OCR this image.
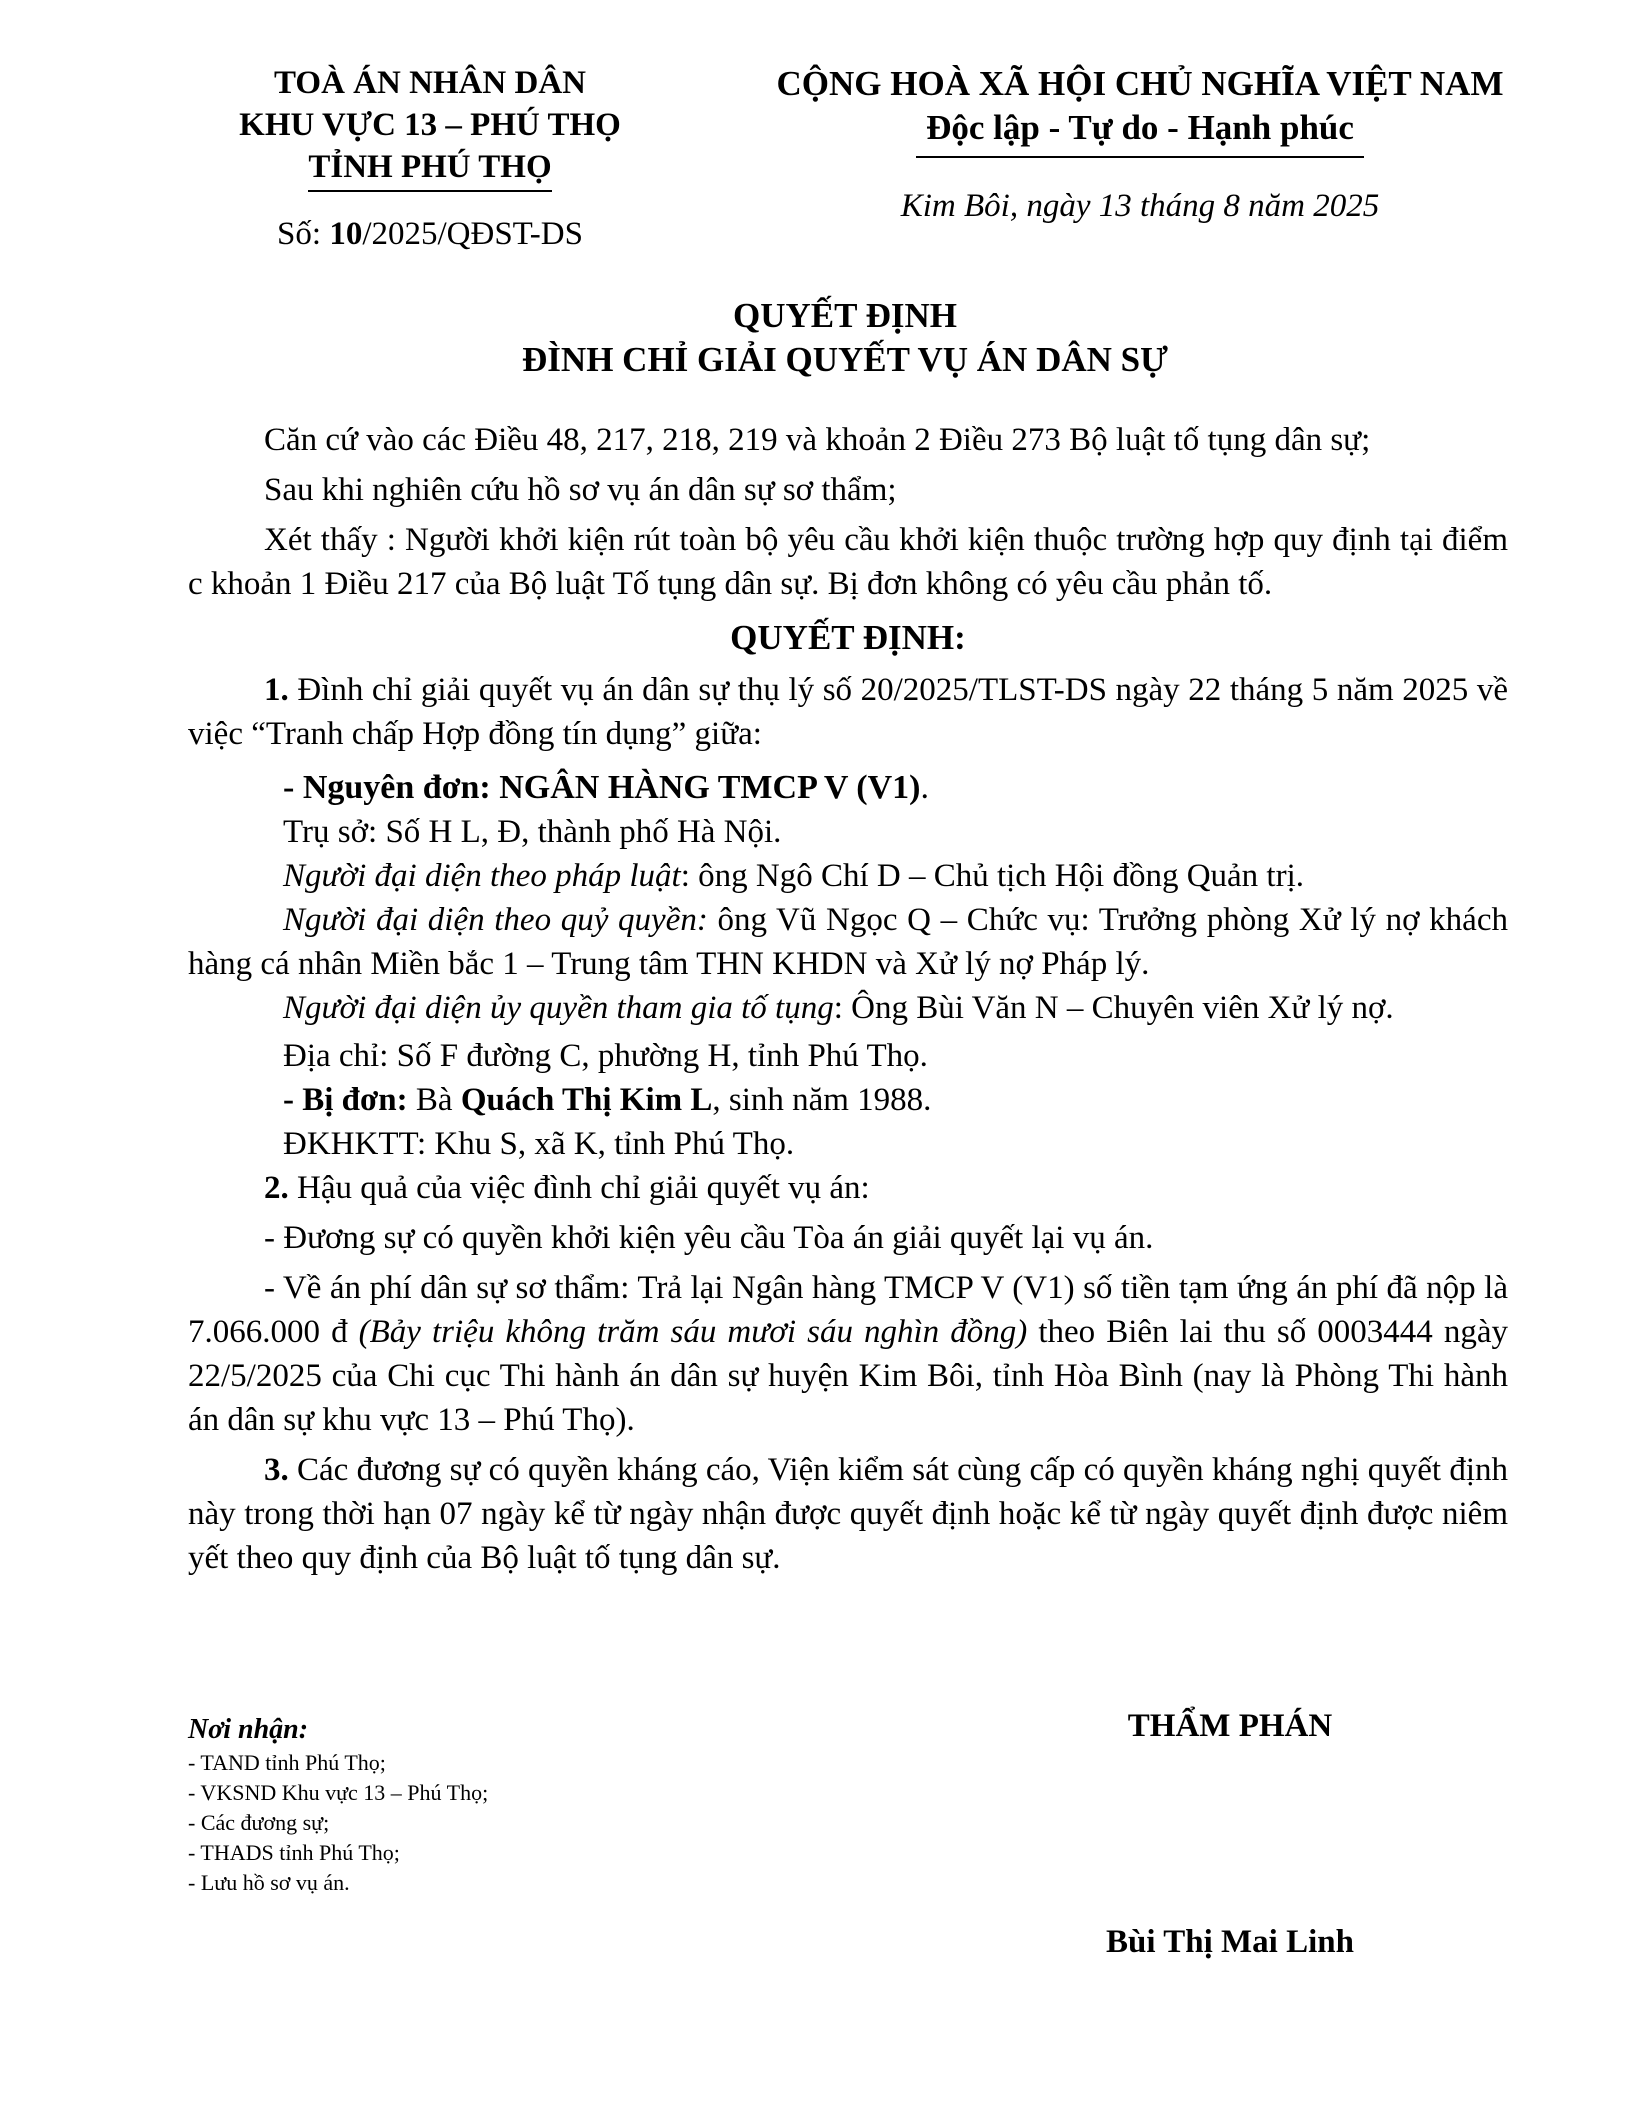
TOÀ ÁN NHÂN DÂN
KHU VỰC 13 – PHÚ THỌ
TỈNH PHÚ THỌ
Số: 10/2025/QĐST-DS
CỘNG HOÀ XÃ HỘI CHỦ NGHĨA VIỆT NAM
Độc lập - Tự do - Hạnh phúc
Kim Bôi, ngày 13 tháng 8 năm 2025
QUYẾT ĐỊNH
ĐÌNH CHỈ GIẢI QUYẾT VỤ ÁN DÂN SỰ

Căn cứ vào các Điều 48, 217, 218, 219 và khoản 2 Điều 273 Bộ luật tố tụng dân sự;

Sau khi nghiên cứu hồ sơ vụ án dân sự sơ thẩm;

Xét thấy : Người khởi kiện rút toàn bộ yêu cầu khởi kiện thuộc trường hợp quy định tại điểm c khoản 1 Điều 217 của Bộ luật Tố tụng dân sự. Bị đơn không có yêu cầu phản tố.

QUYẾT ĐỊNH:

1. Đình chỉ giải quyết vụ án dân sự thụ lý số 20/2025/TLST-DS ngày 22 tháng 5 năm 2025 về việc “Tranh chấp Hợp đồng tín dụng” giữa:

- Nguyên đơn: NGÂN HÀNG TMCP V (V1).

Trụ sở: Số H L, Đ, thành phố Hà Nội.

Người đại diện theo pháp luật: ông Ngô Chí D – Chủ tịch Hội đồng Quản trị.

Người đại diện theo quỷ quyền: ông Vũ Ngọc Q – Chức vụ: Trưởng phòng Xử lý nợ khách hàng cá nhân Miền bắc 1 – Trung tâm THN KHDN và Xử lý nợ Pháp lý.

Người đại diện ủy quyền tham gia tố tụng: Ông Bùi Văn N – Chuyên viên Xử lý nợ.

Địa chỉ: Số F đường C, phường H, tỉnh Phú Thọ.

- Bị đơn: Bà Quách Thị Kim L, sinh năm 1988.

ĐKHKTT: Khu S, xã K, tỉnh Phú Thọ.

2. Hậu quả của việc đình chỉ giải quyết vụ án:

- Đương sự có quyền khởi kiện yêu cầu Tòa án giải quyết lại vụ án.

- Về án phí dân sự sơ thẩm: Trả lại Ngân hàng TMCP V (V1) số tiền tạm ứng án phí đã nộp là 7.066.000 đ (Bảy triệu không trăm sáu mươi sáu nghìn đồng) theo Biên lai thu số 0003444 ngày 22/5/2025 của Chi cục Thi hành án dân sự huyện Kim Bôi, tỉnh Hòa Bình (nay là Phòng Thi hành án dân sự khu vực 13 – Phú Thọ).

3. Các đương sự có quyền kháng cáo, Viện kiểm sát cùng cấp có quyền kháng nghị quyết định này trong thời hạn 07 ngày kể từ ngày nhận được quyết định hoặc kể từ ngày quyết định được niêm yết theo quy định của Bộ luật tố tụng dân sự.

Nơi nhận:
- TAND tỉnh Phú Thọ;
- VKSND Khu vực 13 – Phú Thọ;
- Các đương sự;
- THADS tỉnh Phú Thọ;
- Lưu hồ sơ vụ án.
THẨM PHÁN
Bùi Thị Mai Linh
